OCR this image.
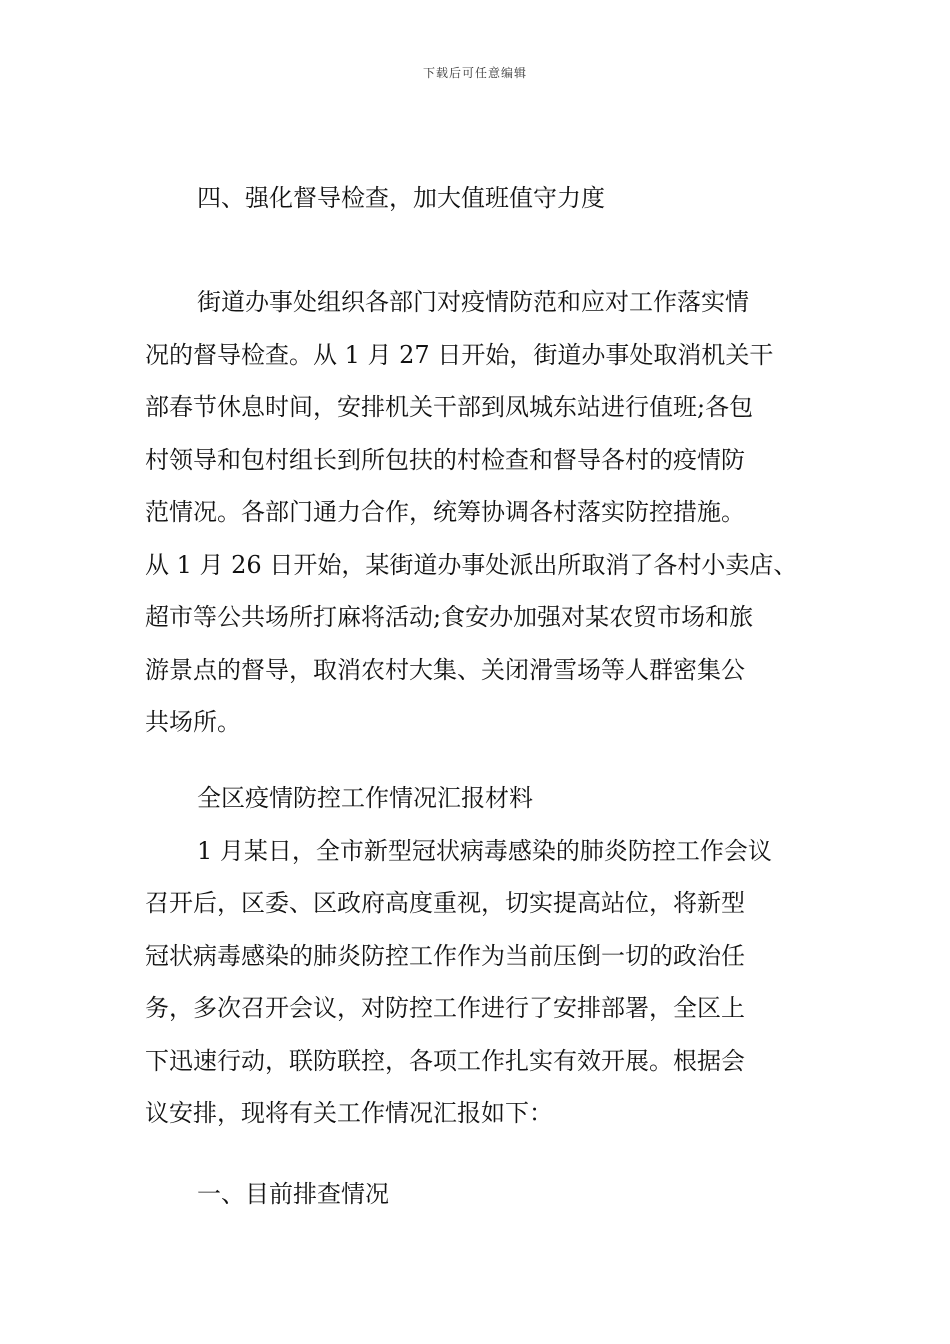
下载后可任意编辑
四、强化督导检查，加大值班值守力度
街道办事处组织各部门对疫情防范和应对工作落实情
况的督导检查。从 1 月 27 日开始，街道办事处取消机关干
部春节休息时间，安排机关干部到凤城东站进行值班;各包
村领导和包村组长到所包扶的村检查和督导各村的疫情防
范情况。各部门通力合作，统筹协调各村落实防控措施。
从 1 月 26 日开始，某街道办事处派出所取消了各村小卖店、
超市等公共场所打麻将活动;食安办加强对某农贸市场和旅
游景点的督导，取消农村大集、关闭滑雪场等人群密集公
共场所。
全区疫情防控工作情况汇报材料
1 月某日，全市新型冠状病毒感染的肺炎防控工作会议
召开后，区委、区政府高度重视，切实提高站位，将新型
冠状病毒感染的肺炎防控工作作为当前压倒一切的政治任
务，多次召开会议，对防控工作进行了安排部署，全区上
下迅速行动，联防联控，各项工作扎实有效开展。根据会
议安排，现将有关工作情况汇报如下：
一、目前排查情况
